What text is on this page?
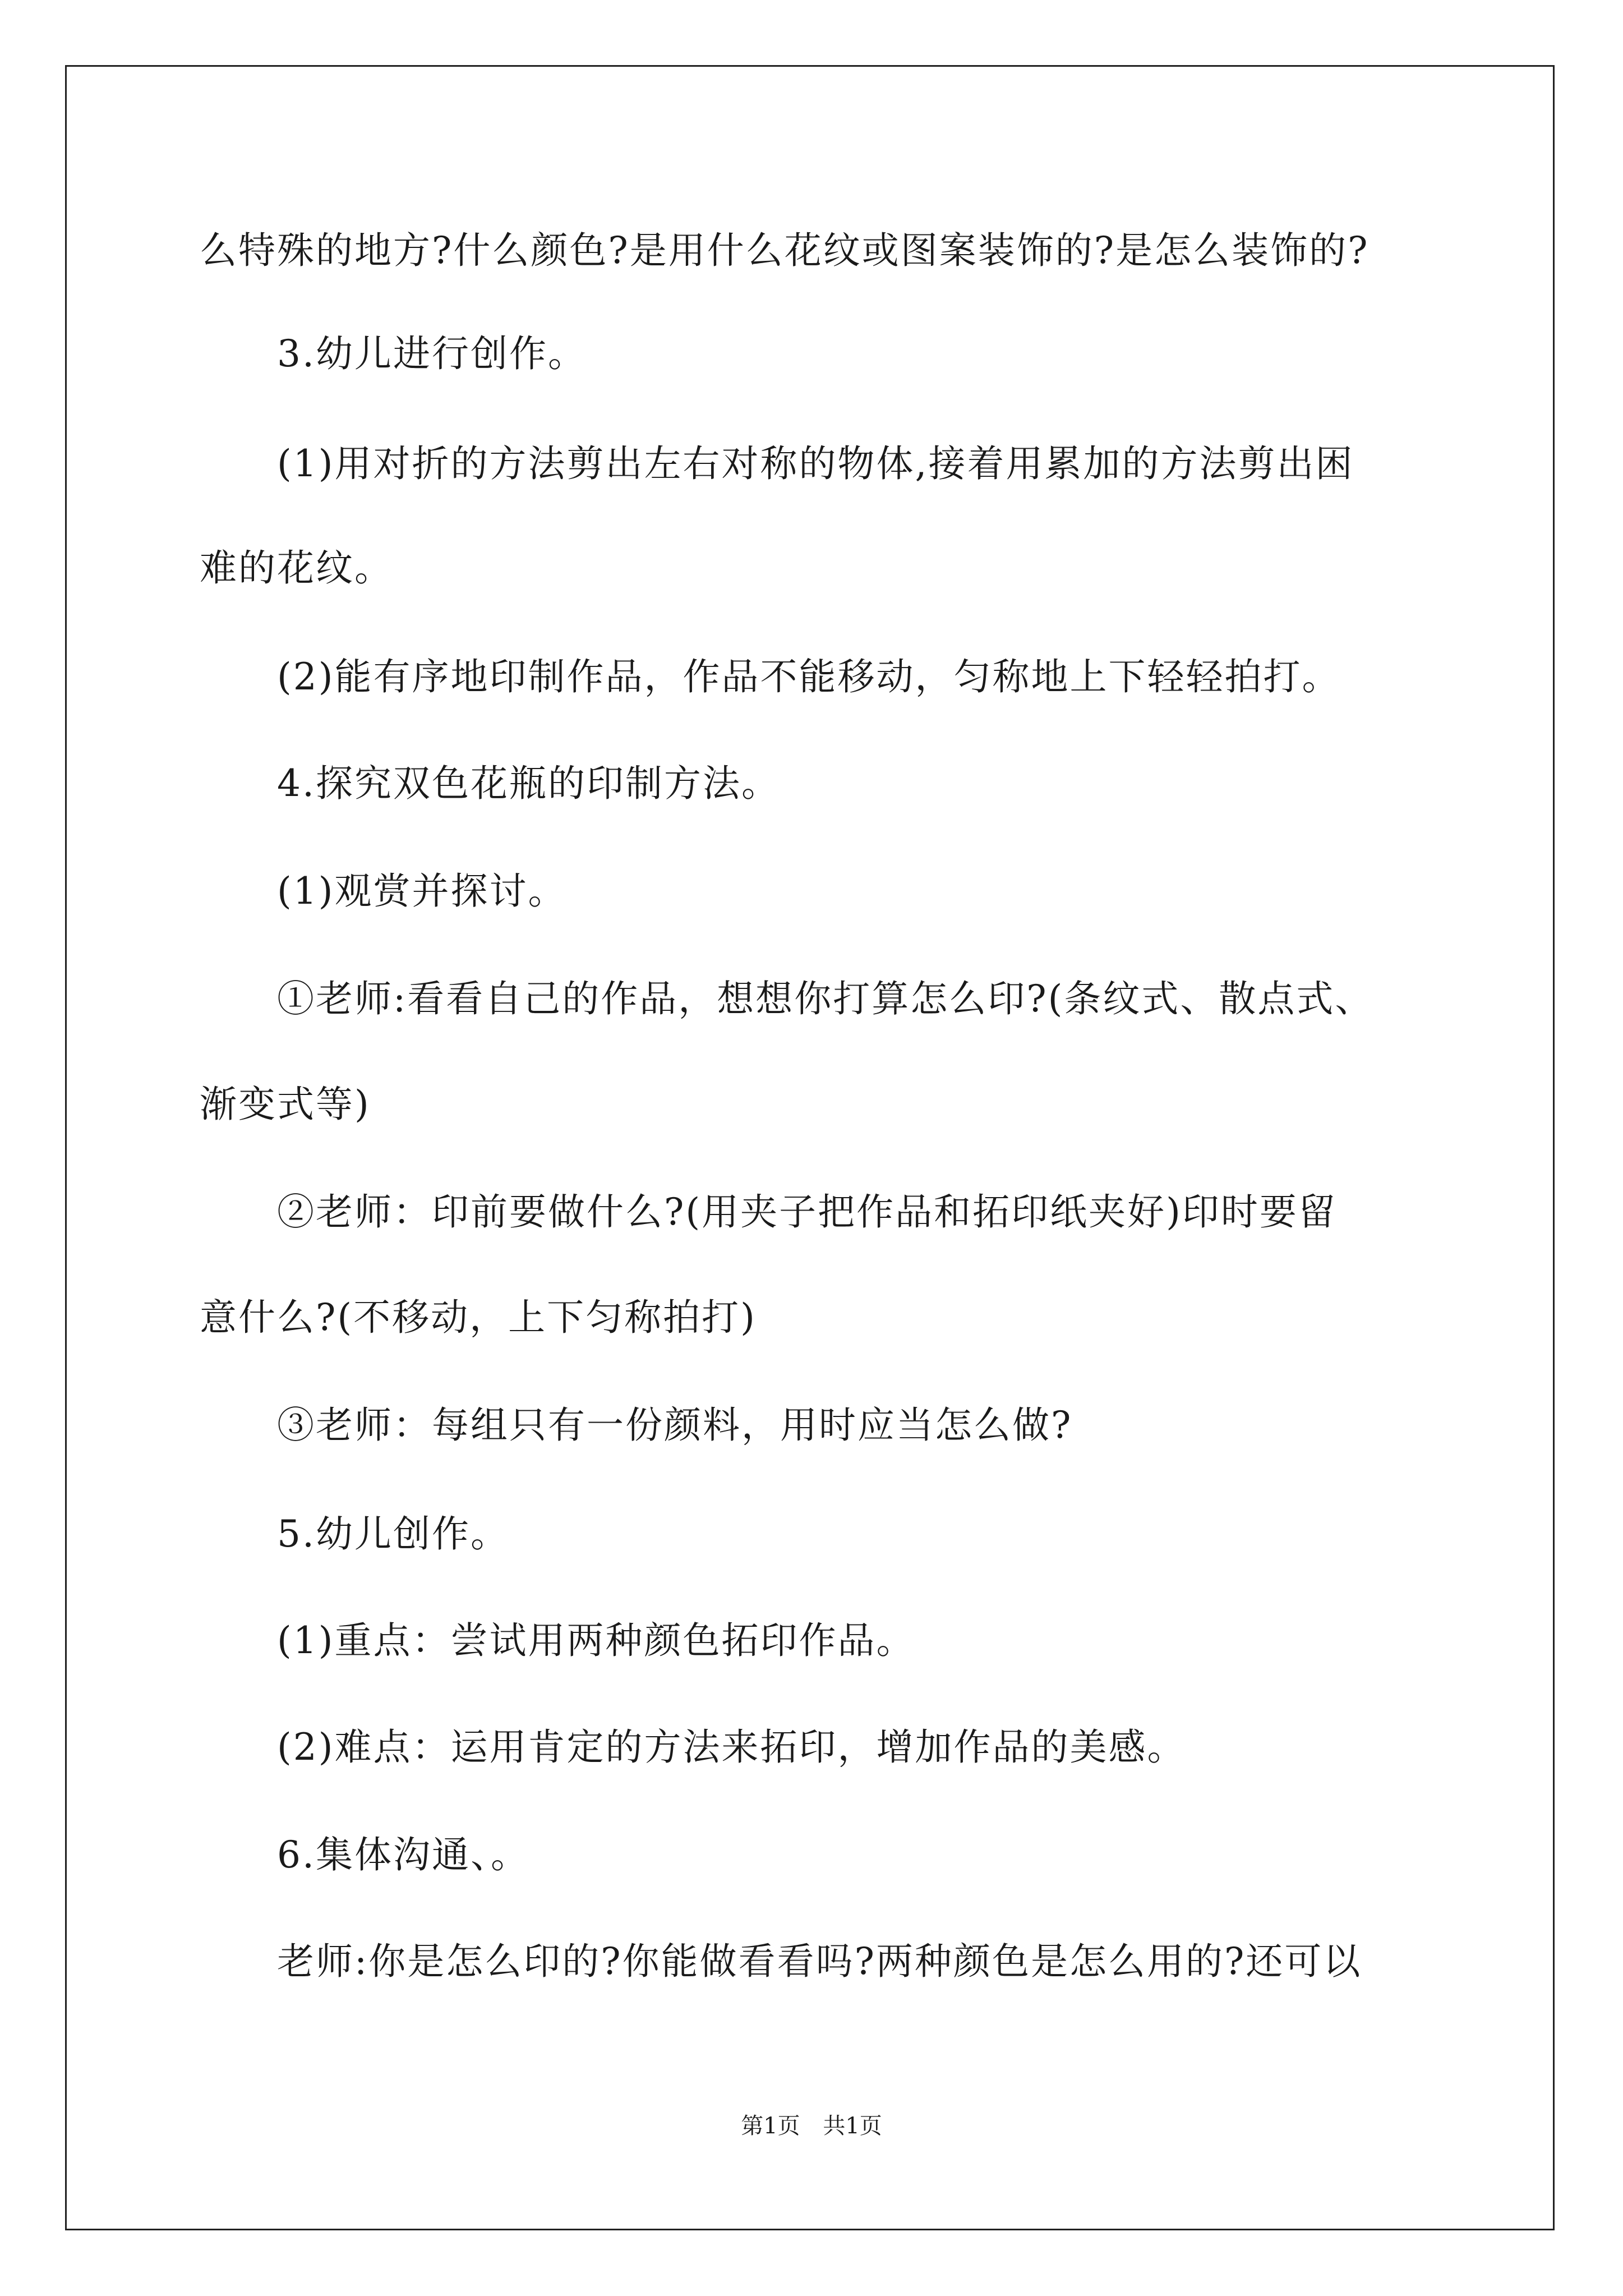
么特殊的地方?什么颜色?是用什么花纹或图案装饰的?是怎么装饰的?
3.幼儿进行创作。
(1)用对折的方法剪出左右对称的物体,接着用累加的方法剪出困
难的花纹。
(2)能有序地印制作品，作品不能移动，匀称地上下轻轻拍打。
4.探究双色花瓶的印制方法。
(1)观赏并探讨。
①老师:看看自己的作品，想想你打算怎么印?(条纹式、散点式、
渐变式等)
②老师：印前要做什么?(用夹子把作品和拓印纸夹好)印时要留
意什么?(不移动，上下匀称拍打)
③老师：每组只有一份颜料，用时应当怎么做?
5.幼儿创作。
(1)重点：尝试用两种颜色拓印作品。
(2)难点：运用肯定的方法来拓印，增加作品的美感。
6.集体沟通、。
老师:你是怎么印的?你能做看看吗?两种颜色是怎么用的?还可以
第1页 共1页
